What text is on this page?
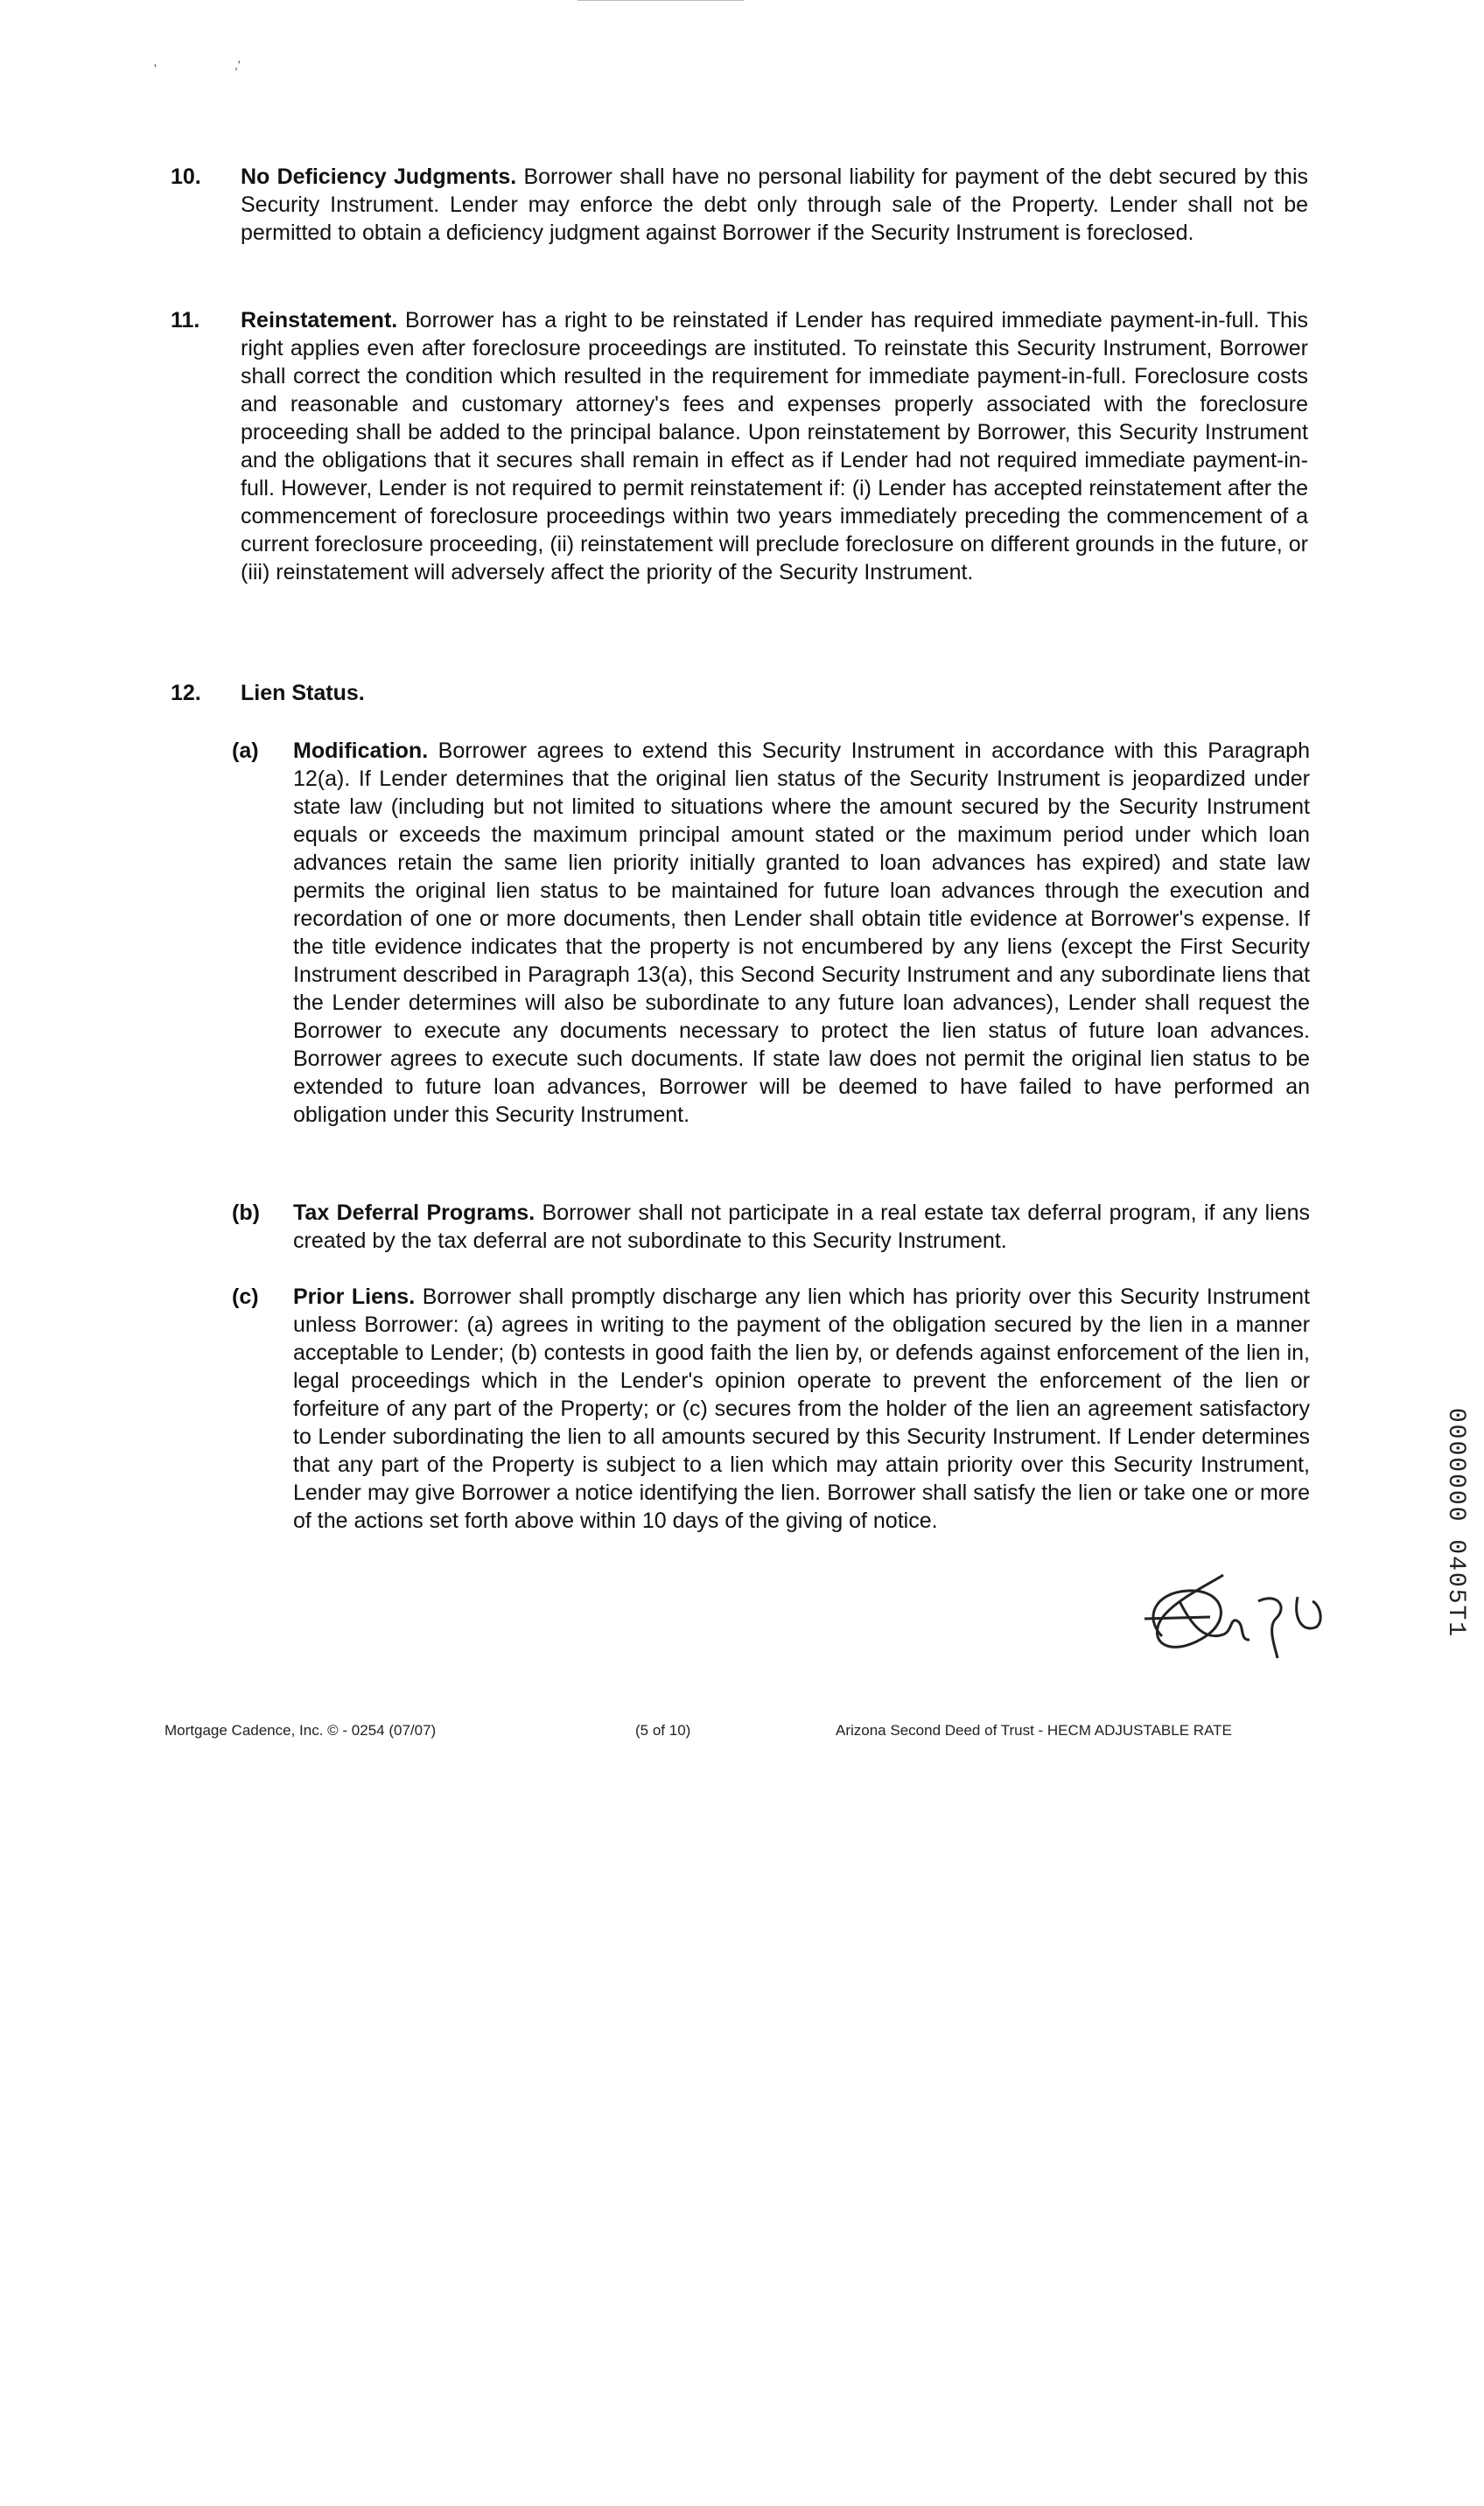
'	,'
10. No Deficiency Judgments. Borrower shall have no personal liability for payment of the debt secured by this Security Instrument. Lender may enforce the debt only through sale of the Property. Lender shall not be permitted to obtain a deficiency judgment against Borrower if the Security Instrument is foreclosed.
11. Reinstatement. Borrower has a right to be reinstated if Lender has required immediate payment-in-full. This right applies even after foreclosure proceedings are instituted. To reinstate this Security Instrument, Borrower shall correct the condition which resulted in the requirement for immediate payment-in-full. Foreclosure costs and reasonable and customary attorney's fees and expenses properly associated with the foreclosure proceeding shall be added to the principal balance. Upon reinstatement by Borrower, this Security Instrument and the obligations that it secures shall remain in effect as if Lender had not required immediate payment-in-full. However, Lender is not required to permit reinstatement if: (i) Lender has accepted reinstatement after the commencement of foreclosure proceedings within two years immediately preceding the commencement of a current foreclosure proceeding, (ii) reinstatement will preclude foreclosure on different grounds in the future, or (iii) reinstatement will adversely affect the priority of the Security Instrument.
12. Lien Status.
(a) Modification. Borrower agrees to extend this Security Instrument in accordance with this Paragraph 12(a). If Lender determines that the original lien status of the Security Instrument is jeopardized under state law (including but not limited to situations where the amount secured by the Security Instrument equals or exceeds the maximum principal amount stated or the maximum period under which loan advances retain the same lien priority initially granted to loan advances has expired) and state law permits the original lien status to be maintained for future loan advances through the execution and recordation of one or more documents, then Lender shall obtain title evidence at Borrower's expense. If the title evidence indicates that the property is not encumbered by any liens (except the First Security Instrument described in Paragraph 13(a), this Second Security Instrument and any subordinate liens that the Lender determines will also be subordinate to any future loan advances), Lender shall request the Borrower to execute any documents necessary to protect the lien status of future loan advances. Borrower agrees to execute such documents. If state law does not permit the original lien status to be extended to future loan advances, Borrower will be deemed to have failed to have performed an obligation under this Security Instrument.
(b) Tax Deferral Programs. Borrower shall not participate in a real estate tax deferral program, if any liens created by the tax deferral are not subordinate to this Security Instrument.
(c) Prior Liens. Borrower shall promptly discharge any lien which has priority over this Security Instrument unless Borrower: (a) agrees in writing to the payment of the obligation secured by the lien in a manner acceptable to Lender; (b) contests in good faith the lien by, or defends against enforcement of the lien in, legal proceedings which in the Lender's opinion operate to prevent the enforcement of the lien or forfeiture of any part of the Property; or (c) secures from the holder of the lien an agreement satisfactory to Lender subordinating the lien to all amounts secured by this Security Instrument. If Lender determines that any part of the Property is subject to a lien which may attain priority over this Security Instrument, Lender may give Borrower a notice identifying the lien. Borrower shall satisfy the lien or take one or more of the actions set forth above within 10 days of the giving of notice.	0000000 0405T1
Mortgage Cadence, Inc. © - 0254 (07/07)	(5 of 10)	Arizona Second Deed of Trust - HECM ADJUSTABLE RATE
